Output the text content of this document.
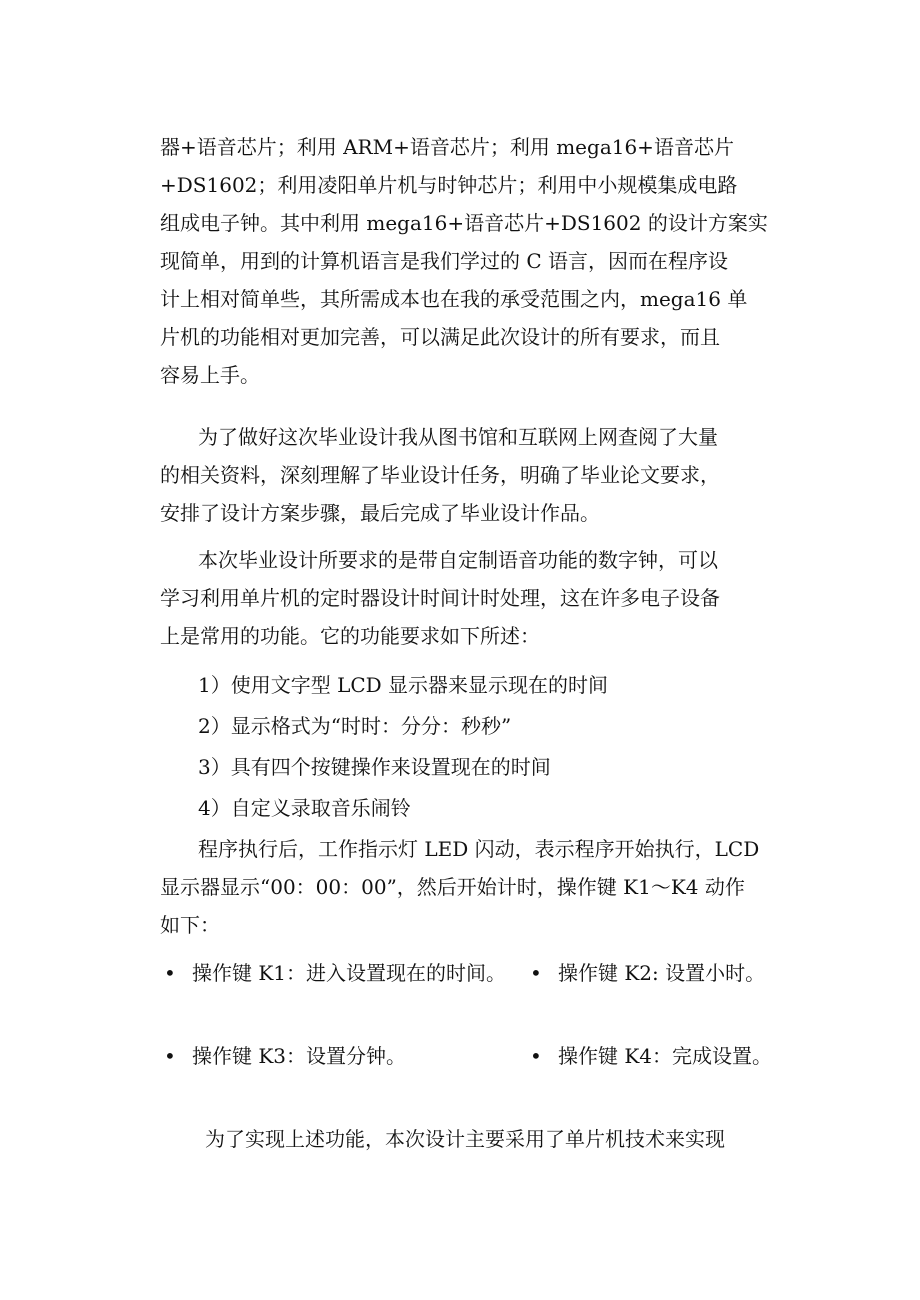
器+语音芯片；利用 ARM+语音芯片；利用 mega16+语音芯片
+DS1602；利用凌阳单片机与时钟芯片；利用中小规模集成电路
组成电子钟。其中利用 mega16+语音芯片+DS1602 的设计方案实
现简单，用到的计算机语言是我们学过的 C 语言，因而在程序设
计上相对简单些，其所需成本也在我的承受范围之内，mega16 单
片机的功能相对更加完善，可以满足此次设计的所有要求，而且
容易上手。
为了做好这次毕业设计我从图书馆和互联网上网查阅了大量
的相关资料，深刻理解了毕业设计任务，明确了毕业论文要求，
安排了设计方案步骤，最后完成了毕业设计作品。
本次毕业设计所要求的是带自定制语音功能的数字钟，可以
学习利用单片机的定时器设计时间计时处理，这在许多电子设备
上是常用的功能。它的功能要求如下所述：
1）使用文字型 LCD 显示器来显示现在的时间
2）显示格式为“时时：分分：秒秒”
3）具有四个按键操作来设置现在的时间
4）自定义录取音乐闹铃
程序执行后，工作指示灯 LED 闪动，表示程序开始执行，LCD
显示器显示“00：00：00”，然后开始计时，操作键 K1～K4 动作
如下：
• 操作键 K1：进入设置现在的时间。 • 操作键 K2: 设置小时。
• 操作键 K3：设置分钟。	• 操作键 K4：完成设置。
为了实现上述功能，本次设计主要采用了单片机技术来实现
